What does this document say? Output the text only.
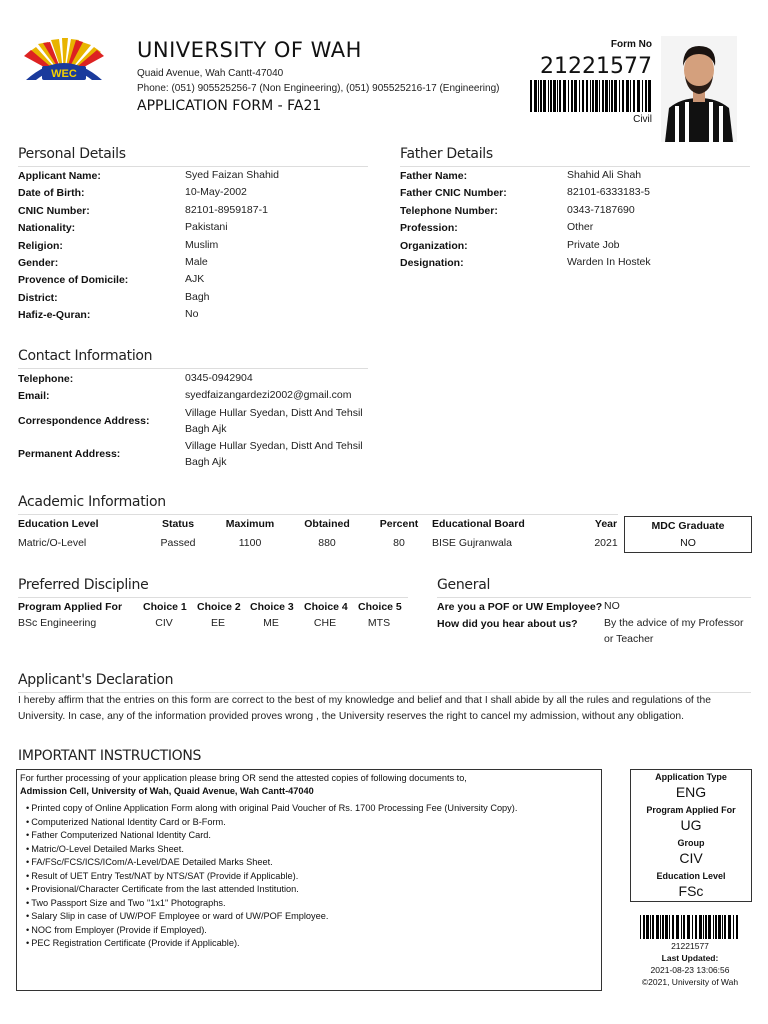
WEC
UNIVERSITY OF WAH
Quaid Avenue, Wah Cantt-47040
Phone: (051) 905525256-7 (Non Engineering), (051) 905525216-17 (Engineering)
APPLICATION FORM - FA21
Form No
21221577
Civil
Personal Details
Applicant Name:	Syed Faizan Shahid
Date of Birth:	10-May-2002
CNIC Number:	82101-8959187-1
Nationality:	Pakistani
Religion:	Muslim
Gender:	Male
Provence of Domicile:	AJK
District:	Bagh
Hafiz-e-Quran:	No
Father Details
Father Name:	Shahid Ali Shah
Father CNIC Number:	82101-6333183-5
Telephone Number:	0343-7187690
Profession:	Other
Organization:	Private Job
Designation:	Warden In Hostek
Contact Information
Telephone:	0345-0942904
Email:	syedfaizangardezi2002@gmail.com
Correspondence Address:
Village Hullar Syedan, Distt And Tehsil
Bagh Ajk
Permanent Address:
Village Hullar Syedan, Distt And Tehsil
Bagh Ajk
Academic Information
Education Level	Status	Maximum	Obtained	Percent	Educational Board	Year
Matric/O-Level	Passed	1100	880	80	BISE Gujranwala	2021
MDC Graduate
NO
Preferred Discipline
Program Applied For Choice 1 Choice 2 Choice 3 Choice 4 Choice 5
BSc Engineering	CIV	EE	ME	CHE	MTS
General
Are you a POF or UW Employee? NO
How did you hear about us?	By the advice of my Professor
or Teacher
Applicant's Declaration
I hereby affirm that the entries on this form are correct to the best of my knowledge and belief and that I shall abide by all the rules and regulations of the
University. In case, any of the information provided proves wrong , the University reserves the right to cancel my admission, without any obligation.
IMPORTANT INSTRUCTIONS
For further processing of your application please bring OR send the attested copies of following documents to,
Admission Cell, University of Wah, Quaid Avenue, Wah Cantt-47040
• Printed copy of Online Application Form along with original Paid Voucher of Rs. 1700 Processing Fee (University Copy).
• Computerized National Identity Card or B-Form.
• Father Computerized National Identity Card.
• Matric/O-Level Detailed Marks Sheet.
• FA/FSc/FCS/ICS/ICom/A-Level/DAE Detailed Marks Sheet.
• Result of UET Entry Test/NAT by NTS/SAT (Provide if Applicable).
• Provisional/Character Certificate from the last attended Institution.
• Two Passport Size and Two "1x1" Photographs.
• Salary Slip in case of UW/POF Employee or ward of UW/POF Employee.
• NOC from Employer (Provide if Employed).
• PEC Registration Certificate (Provide if Applicable).
Application Type
ENG
Program Applied For
UG
Group
CIV
Education Level
FSc
21221577
Last Updated:
2021-08-23 13:06:56
©2021, University of Wah
